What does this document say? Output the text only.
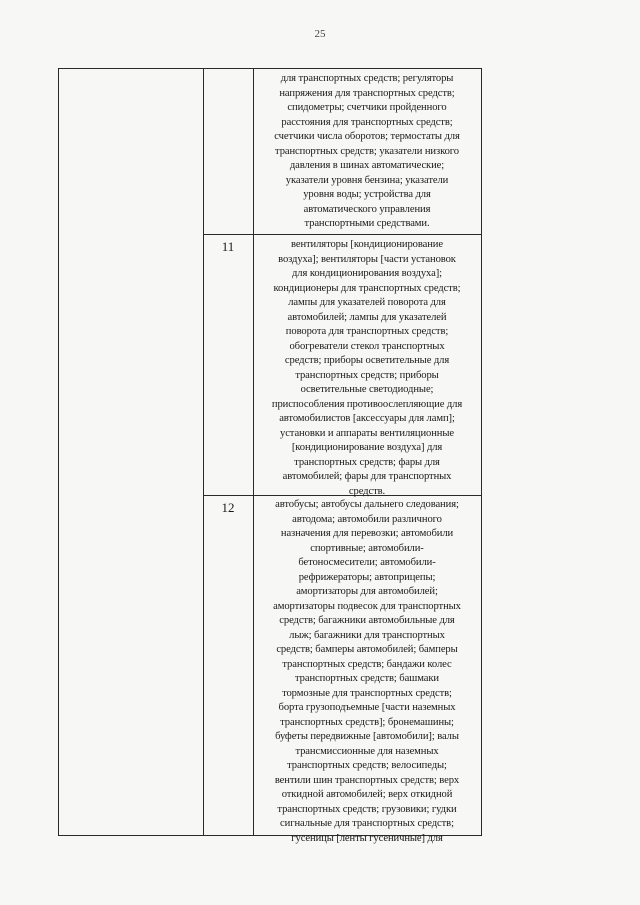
25
для транспортных средств; регуляторы
напряжения для транспортных средств;
спидометры; счетчики пройденного
расстояния для транспортных средств;
счетчики числа оборотов; термостаты для
транспортных средств; указатели низкого
давления в шинах автоматические;
указатели уровня бензина; указатели
уровня воды; устройства для
автоматического управления
транспортными средствами.
11	вентиляторы [кондиционирование
воздуха]; вентиляторы [части установок
для кондиционирования воздуха];
кондиционеры для транспортных средств;
лампы для указателей поворота для
автомобилей; лампы для указателей
поворота для транспортных средств;
обогреватели стекол транспортных
средств; приборы осветительные для
транспортных средств; приборы
осветительные светодиодные;
приспособления противоослепляющие для
автомобилистов [аксессуары для ламп];
установки и аппараты вентиляционные
[кондиционирование воздуха] для
транспортных средств; фары для
автомобилей; фары для транспортных
средств.
12	автобусы; автобусы дальнего следования;
автодома; автомобили различного
назначения для перевозки; автомобили
спортивные; автомобили-
бетоносмесители; автомобили-
рефрижераторы; автоприцепы;
амортизаторы для автомобилей;
амортизаторы подвесок для транспортных
средств; багажники автомобильные для
лыж; багажники для транспортных
средств; бамперы автомобилей; бамперы
транспортных средств; бандажи колес
транспортных средств; башмаки
тормозные для транспортных средств;
борта грузоподъемные [части наземных
транспортных средств]; бронемашины;
буфеты передвижные [автомобили]; валы
трансмиссионные для наземных
транспортных средств; велосипеды;
вентили шин транспортных средств; верх
откидной автомобилей; верх откидной
транспортных средств; грузовики; гудки
сигнальные для транспортных средств;
гусеницы [ленты гусеничные] для
